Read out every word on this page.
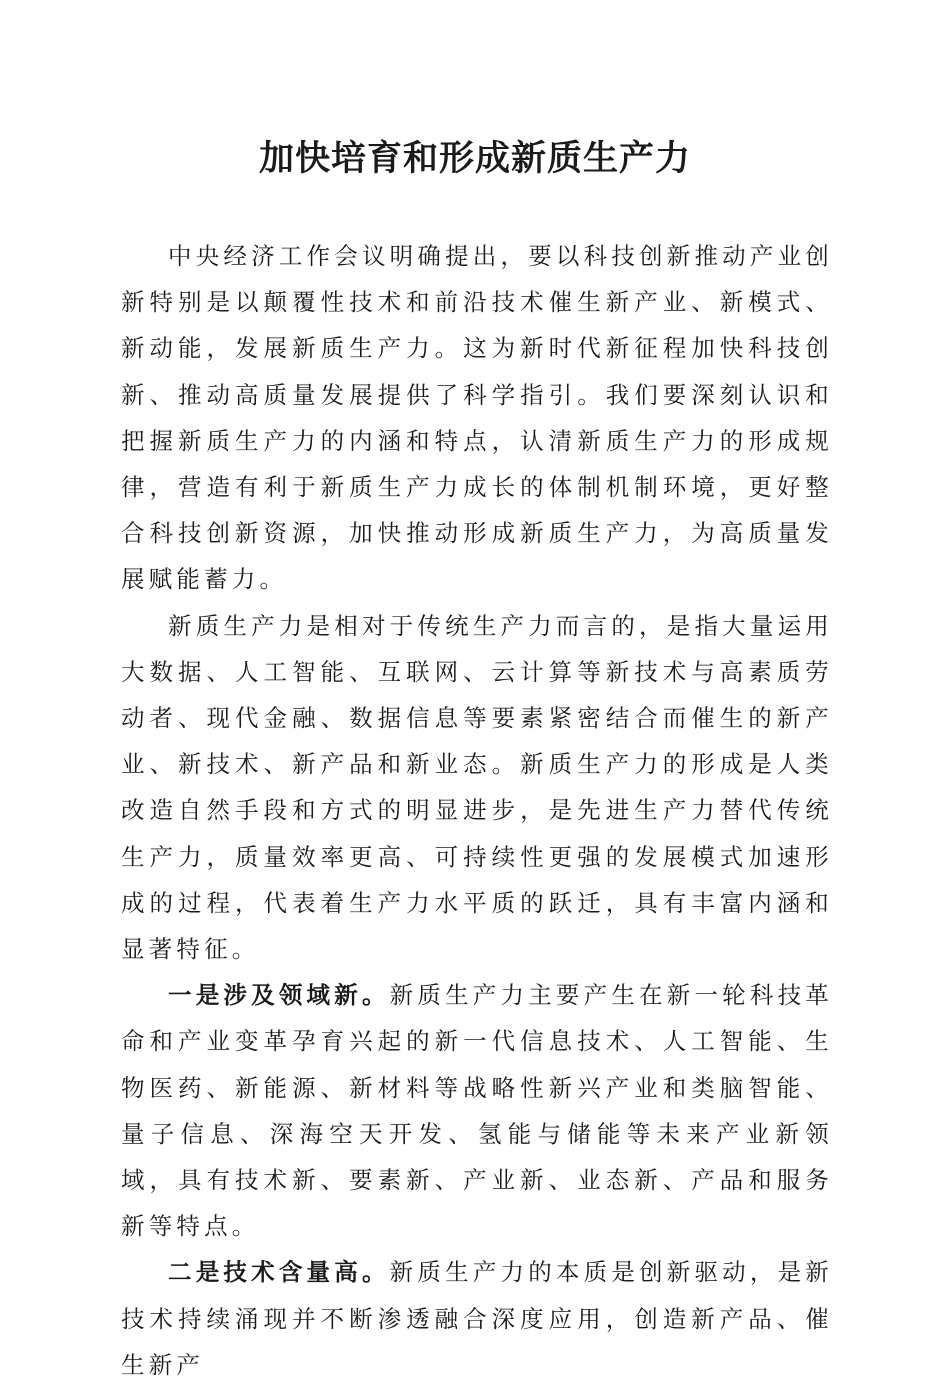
加快培育和形成新质生产力

中央经济工作会议明确提出，要以科技创新推动产业创新特别是以颠覆性技术和前沿技术催生新产业、新模式、新动能，发展新质生产力。这为新时代新征程加快科技创新、推动高质量发展提供了科学指引。我们要深刻认识和把握新质生产力的内涵和特点，认清新质生产力的形成规律，营造有利于新质生产力成长的体制机制环境，更好整合科技创新资源，加快推动形成新质生产力，为高质量发展赋能蓄力。

新质生产力是相对于传统生产力而言的，是指大量运用大数据、人工智能、互联网、云计算等新技术与高素质劳动者、现代金融、数据信息等要素紧密结合而催生的新产业、新技术、新产品和新业态。新质生产力的形成是人类改造自然手段和方式的明显进步，是先进生产力替代传统生产力，质量效率更高、可持续性更强的发展模式加速形成的过程，代表着生产力水平质的跃迁，具有丰富内涵和显著特征。

一是涉及领域新。新质生产力主要产生在新一轮科技革命和产业变革孕育兴起的新一代信息技术、人工智能、生物医药、新能源、新材料等战略性新兴产业和类脑智能、量子信息、深海空天开发、氢能与储能等未来产业新领域，具有技术新、要素新、产业新、业态新、产品和服务新等特点。

二是技术含量高。新质生产力的本质是创新驱动，是新技术持续涌现并不断渗透融合深度应用，创造新产品、催生新产
